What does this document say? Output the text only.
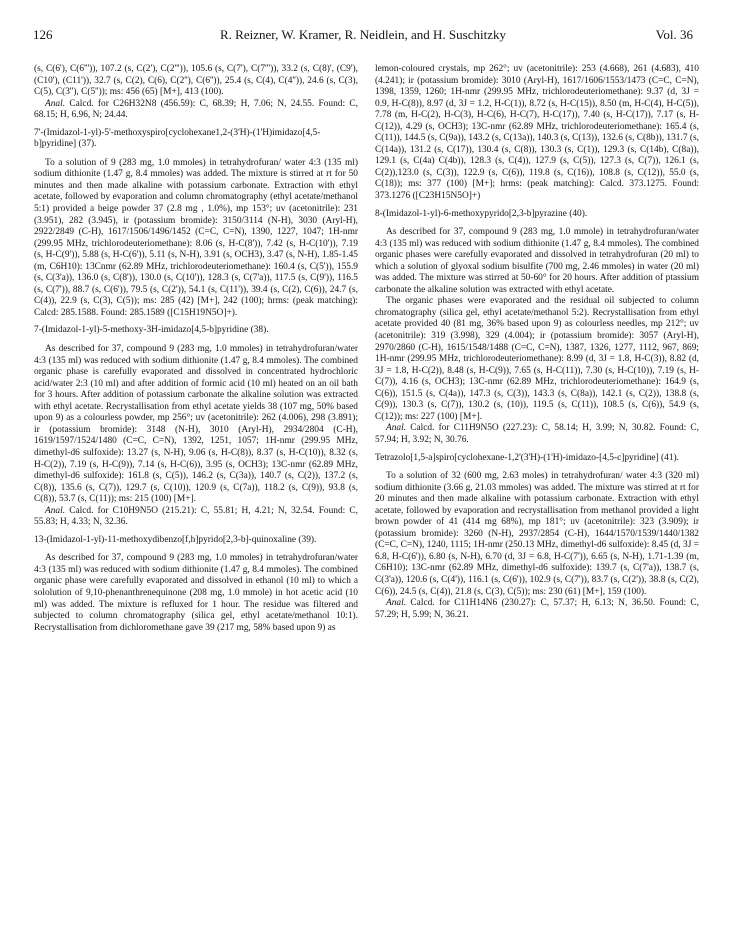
126	R. Reizner, W. Kramer, R. Neidlein, and H. Suschitzky	Vol. 36

(s, C(6'), C(6''')), 107.2 (s, C(2'), C(2''')), 105.6 (s, C(7'), C(7''')), 33.2 (s, C(8)', (C9'), (C10'), (C11')), 32.7 (s, C(2), C(6), C(2''), C(6'')), 25.4 (s, C(4), C(4'')), 24.6 (s, C(3), C(5), C(3''), C(5'')); ms: 456 (65) [M+], 413 (100).

Anal. Calcd. for C26H32N8 (456.59): C, 68.39; H, 7.06; N, 24.55. Found: C, 68.15; H, 6.96, N; 24.44.

7'-(Imidazol-1-yl)-5'-methoxyspiro[cyclohexane1,2-(3'H)-(1'H)imidazo[4,5-b]pyridine] (37).

To a solution of 9 (283 mg, 1.0 mmoles) in tetrahydrofuran/ water 4:3 (135 ml) sodium dithionite (1.47 g, 8.4 mmoles) was added. The mixture is stirred at rt for 50 minutes and then made alkaline with potassium carbonate. Extraction with ethyl acetate, followed by evaporation and column chromatography (ethyl acetate/methanol 5:1) provided a beige powder 37 (2.8 mg , 1.0%), mp 153°; uv (acetonitrile): 231 (3.951), 282 (3.945), ir (potassium bromide): 3150/3114 (N-H), 3030 (Aryl-H), 2922/2849 (C-H), 1617/1506/1496/1452 (C=C, C=N), 1390, 1227, 1047; 1H-nmr (299.95 MHz, trichlorodeuteriomethane): 8.06 (s, H-C(8')), 7.42 (s, H-C(10')), 7.19 (s, H-C(9')), 5.88 (s, H-C(6')), 5.11 (s, N-H), 3.91 (s, OCH3), 3.47 (s, N-H), 1.85-1.45 (m, C6H10): 13Cnmr (62.89 MHz, trichlorodeuteriomethane): 160.4 (s, C(5')), 155.9 (s, C(3'a)), 136.0 (s, C(8')), 130.0 (s, C(10')), 128.3 (s, C(7'a)), 117.5 (s, C(9')), 116.5 (s, C(7')), 88.7 (s, C(6')), 79.5 (s, C(2')), 54.1 (s, C(11')), 39.4 (s, C(2), C(6)), 24.7 (s, C(4)), 22.9 (s, C(3), C(5)); ms: 285 (42) [M+], 242 (100); hrms: (peak matching): Calcd: 285.1588. Found: 285.1589 ([C15H19N5O]+).

7-(Imidazol-1-yl)-5-methoxy-3H-imidazo[4,5-b]pyridine (38).

As described for 37, compound 9 (283 mg, 1.0 mmoles) in tetrahydrofuran/water 4:3 (135 ml) was reduced with sodium dithionite (1.47 g, 8.4 mmoles). The combined organic phase is carefully evaporated and dissolved in concentrated hydrochloric acid/water 2:3 (10 ml) and after addition of formic acid (10 ml) heated on an oil bath for 3 hours. After addition of potassium carbonate the alkaline solution was extracted with ethyl acetate. Recrystallisation from ethyl acetate yields 38 (107 mg, 50% based upon 9) as a colourless powder, mp 256°; uv (acetonitrile): 262 (4.006), 298 (3.891); ir (potassium bromide): 3148 (N-H), 3010 (Aryl-H), 2934/2804 (C-H), 1619/1597/1524/1480 (C=C, C=N), 1392, 1251, 1057; 1H-nmr (299.95 MHz, dimethyl-d6 sulfoxide): 13.27 (s, N-H), 9.06 (s, H-C(8)), 8.37 (s, H-C(10)), 8.32 (s, H-C(2)), 7.19 (s, H-C(9)), 7.14 (s, H-C(6)), 3.95 (s, OCH3); 13C-nmr (62.89 MHz, dimethyl-d6 sulfoxide): 161.8 (s, C(5)), 146.2 (s, C(3a)), 140.7 (s, C(2)), 137.2 (s, C(8)), 135.6 (s, C(7)), 129.7 (s, C(10)), 120.9 (s, C(7a)), 118.2 (s, C(9)), 93.8 (s, C(8)), 53.7 (s, C(11)); ms: 215 (100) [M+].

Anal. Calcd. for C10H9N5O (215.21): C, 55.81; H, 4.21; N, 32.54. Found: C, 55.83; H, 4.33; N, 32.36.

13-(Imidazol-1-yl)-11-methoxydibenzo[f,h]pyrido[2,3-b]-quinoxaline (39).

As described for 37, compound 9 (283 mg, 1.0 mmoles) in tetrahydrofuran/water 4:3 (135 ml) was reduced with sodium dithionite (1.47 g, 8.4 mmoles). The combined organic phase were carefully evaporated and dissolved in ethanol (10 ml) to which a sololution of 9,10-phenanthrenequinone (208 mg, 1.0 mmole) in hot acetic acid (10 ml) was added. The mixture is refluxed for 1 hour. The residue was filtered and subjected to column chromatography (silica gel, ethyl acetate/methanol 10:1). Recrystallisation from dichloromethane gave 39 (217 mg, 58% based upon 9) as

lemon-coloured crystals, mp 262°; uv (acetonitrile): 253 (4.668), 261 (4.683), 410 (4.241); ir (potassium bromide): 3010 (Aryl-H), 1617/1606/1553/1473 (C=C, C=N), 1398, 1359, 1260; 1H-nmr (299.95 MHz, trichlorodeuteriomethane): 9.37 (d, 3J = 0.9, H-C(8)), 8.97 (d, 3J = 1.2, H-C(1)), 8.72 (s, H-C(15)), 8.50 (m, H-C(4), H-C(5)), 7.78 (m, H-C(2), H-C(3), H-C(6), H-C(7), H-C(17)), 7.40 (s, H-C(17)), 7.17 (s, H-C(12)), 4.29 (s, OCH3); 13C-nmr (62.89 MHz, trichlorodeuteriomethane): 165.4 (s, C(11)), 144.5 (s, C(9a)), 143.2 (s, C(13a)), 140.3 (s, C(13)), 132.6 (s, C(8b)), 131.7 (s, C(14a)), 131.2 (s, C(17)), 130.4 (s, C(8)), 130.3 (s, C(1)), 129.3 (s, C(14b), C(8a)), 129.1 (s, C(4a) C(4b)), 128.3 (s, C(4)), 127.9 (s, C(5)), 127.3 (s, C(7)), 126.1 (s, C(2)),123.0 (s, C(3)), 122.9 (s, C(6)), 119.8 (s, C(16)), 108.8 (s, C(12)), 55.0 (s, C(18)); ms: 377 (100) [M+]; hrms: (peak matching): Calcd. 373.1275. Found: 373.1276 ([C23H15N5O]+)

8-(Imidazol-1-yl)-6-methoxypyrido[2,3-b]pyrazine (40).

As described for 37, compound 9 (283 mg, 1.0 mmole) in tetrahydrofuran/water 4:3 (135 ml) was reduced with sodium dithionite (1.47 g, 8.4 mmoles). The combined organic phases were carefully evaporated and dissolved in tetrahydrofuran (20 ml) to which a solution of glyoxal sodium bisulfite (700 mg, 2.46 mmoles) in water (20 ml) was added. The mixture was stirred at 50-60° for 20 hours. After addition of ptassium carbonate the alkaline solution was extracted with ethyl acetate.

The organic phases were evaporated and the residual oil subjected to column chromatography (silica gel, ethyl acetate/methanol 5:2). Recrystallisation from ethyl acetate provided 40 (81 mg, 36% based upon 9) as colourless needles, mp 212°; uv (acetonitrile): 319 (3.998), 329 (4.004); ir (potassium bromide): 3057 (Aryl-H), 2970/2860 (C-H), 1615/1548/1488 (C=C, C=N), 1387, 1326, 1277, 1112, 967, 869; 1H-nmr (299.95 MHz, trichlorodeuteriomethane): 8.99 (d, 3J = 1.8, H-C(3)), 8.82 (d, 3J = 1.8, H-C(2)), 8.48 (s, H-C(9)), 7.65 (s, H-C(11)), 7.30 (s, H-C(10)), 7.19 (s, H-C(7)), 4.16 (s, OCH3); 13C-nmr (62.89 MHz, trichlorodeuteriomethane): 164.9 (s, C(6)), 151.5 (s, C(4a)), 147.3 (s, C(3)), 143.3 (s, C(8a)), 142.1 (s, C(2)), 138.8 (s, C(9)), 130.3 (s, C(7)), 130.2 (s, (10)), 119.5 (s, C(11)), 108.5 (s, C(6)), 54.9 (s, C(12)); ms: 227 (100) [M+].

Anal. Calcd. for C11H9N5O (227.23): C, 58.14; H, 3.99; N, 30.82. Found: C, 57.94; H, 3.92; N, 30.76.

Tetrazolo[1,5-a]spiro[cyclohexane-1,2'(3'H)-(1'H)-imidazo-[4,5-c]pyridine] (41).

To a solution of 32 (600 mg, 2.63 moles) in tetrahydrofuran/ water 4:3 (320 ml) sodium dithionite (3.66 g, 21.03 mmoles) was added. The mixture was stirred at rt for 20 minutes and then made alkaline with potassium carbonate. Extraction with ethyl acetate, followed by evaporation and recrystallisation from methanol provided a light brown powder of 41 (414 mg 68%), mp 181°; uv (acetonitrile): 323 (3.909); ir (potassium bromide): 3260 (N-H), 2937/2854 (C-H), 1644/1570/1539/1440/1382 (C=C, C=N), 1240, 1115; 1H-nmr (250.13 MHz, dimethyl-d6 sulfoxide): 8.45 (d, 3J = 6.8, H-C(6')), 6.80 (s, N-H), 6.70 (d, 3J = 6.8, H-C(7')), 6.65 (s, N-H), 1.71-1.39 (m, C6H10); 13C-nmr (62.89 MHz, dimethyl-d6 sulfoxide): 139.7 (s, C(7'a)), 138.7 (s, C(3'a)), 120.6 (s, C(4')), 116.1 (s, C(6')), 102.9 (s, C(7')), 83.7 (s, C(2')), 38.8 (s, C(2), C(6)), 24.5 (s, C(4)), 21.8 (s, C(3), C(5)); ms: 230 (61) [M+], 159 (100).

Anal. Calcd. for C11H14N6 (230.27): C, 57.37; H, 6.13; N, 36.50. Found: C, 57.29; H, 5.99; N, 36.21.
